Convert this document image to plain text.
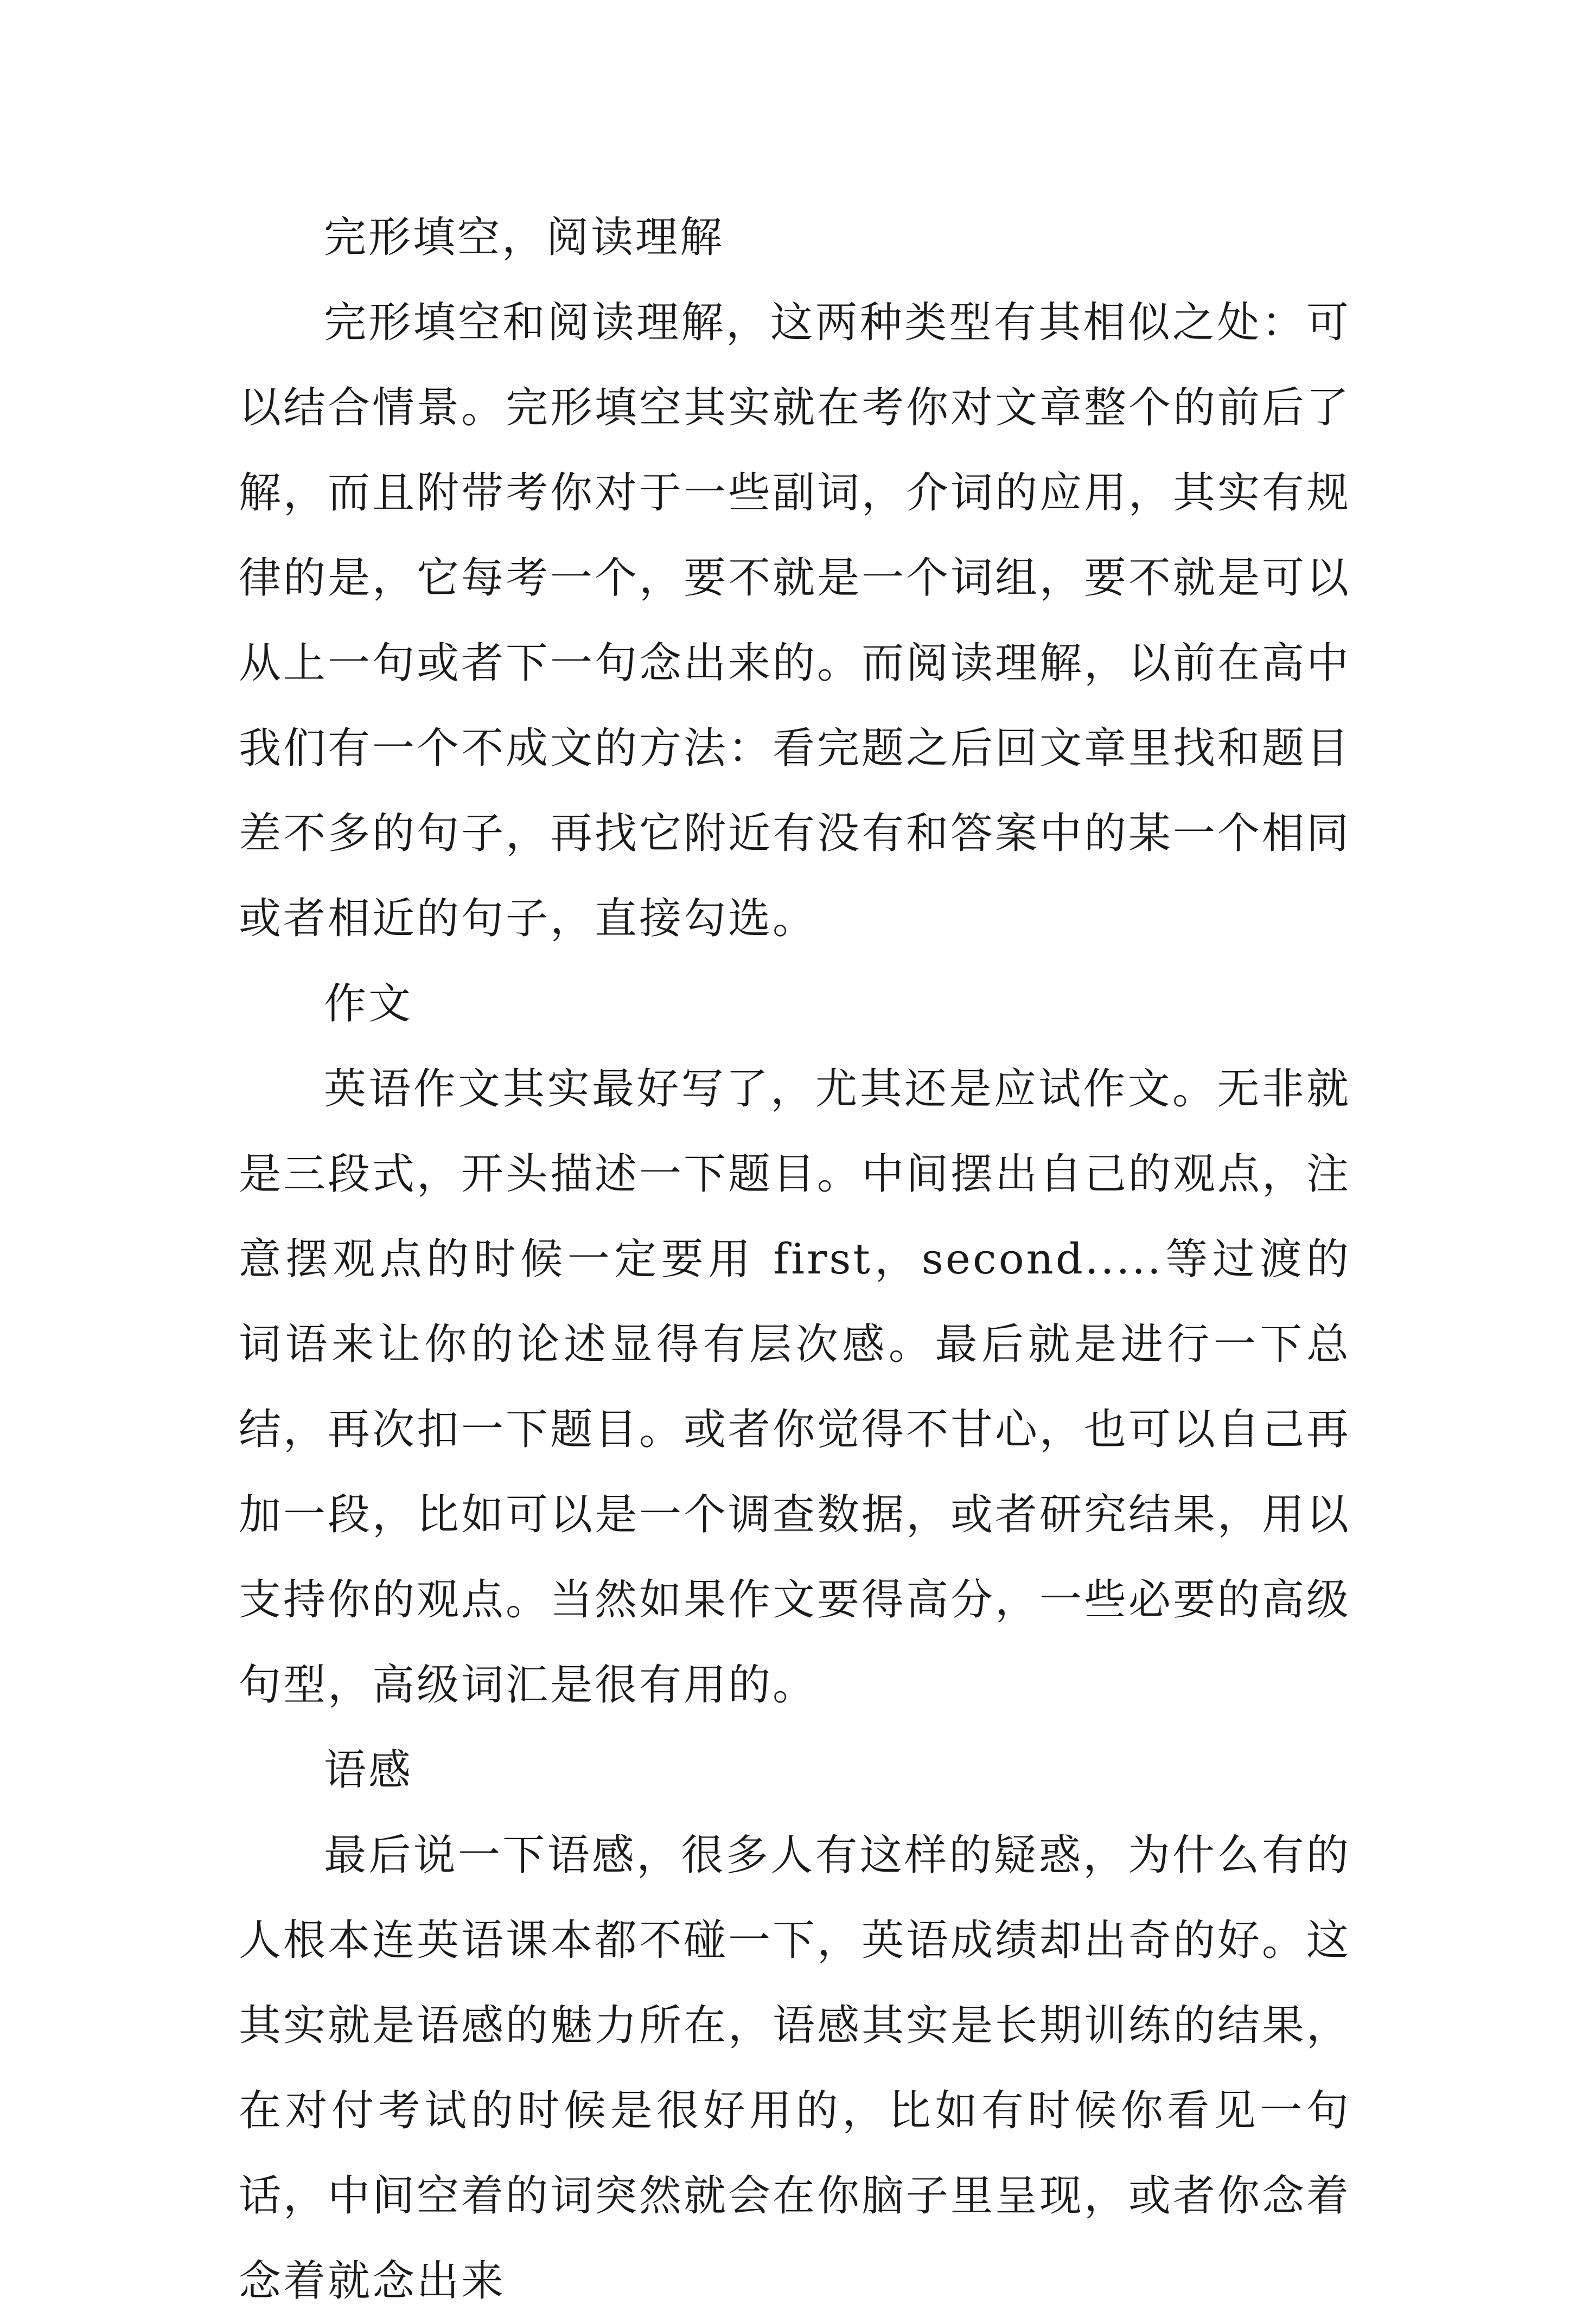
完形填空，阅读理解

完形填空和阅读理解，这两种类型有其相似之处：可以结合情景。完形填空其实就在考你对文章整个的前后了解，而且附带考你对于一些副词，介词的应用，其实有规律的是，它每考一个，要不就是一个词组，要不就是可以从上一句或者下一句念出来的。而阅读理解，以前在高中我们有一个不成文的方法：看完题之后回文章里找和题目差不多的句子，再找它附近有没有和答案中的某一个相同或者相近的句子，直接勾选。

作文

英语作文其实最好写了，尤其还是应试作文。无非就是三段式，开头描述一下题目。中间摆出自己的观点，注意摆观点的时候一定要用 first，second.....等过渡的词语来让你的论述显得有层次感。最后就是进行一下总结，再次扣一下题目。或者你觉得不甘心，也可以自己再加一段，比如可以是一个调查数据，或者研究结果，用以支持你的观点。当然如果作文要得高分，一些必要的高级句型，高级词汇是很有用的。

语感

最后说一下语感，很多人有这样的疑惑，为什么有的人根本连英语课本都不碰一下，英语成绩却出奇的好。这其实就是语感的魅力所在，语感其实是长期训练的结果，在对付考试的时候是很好用的，比如有时候你看见一句话，中间空着的词突然就会在你脑子里呈现，或者你念着念着就念出来
